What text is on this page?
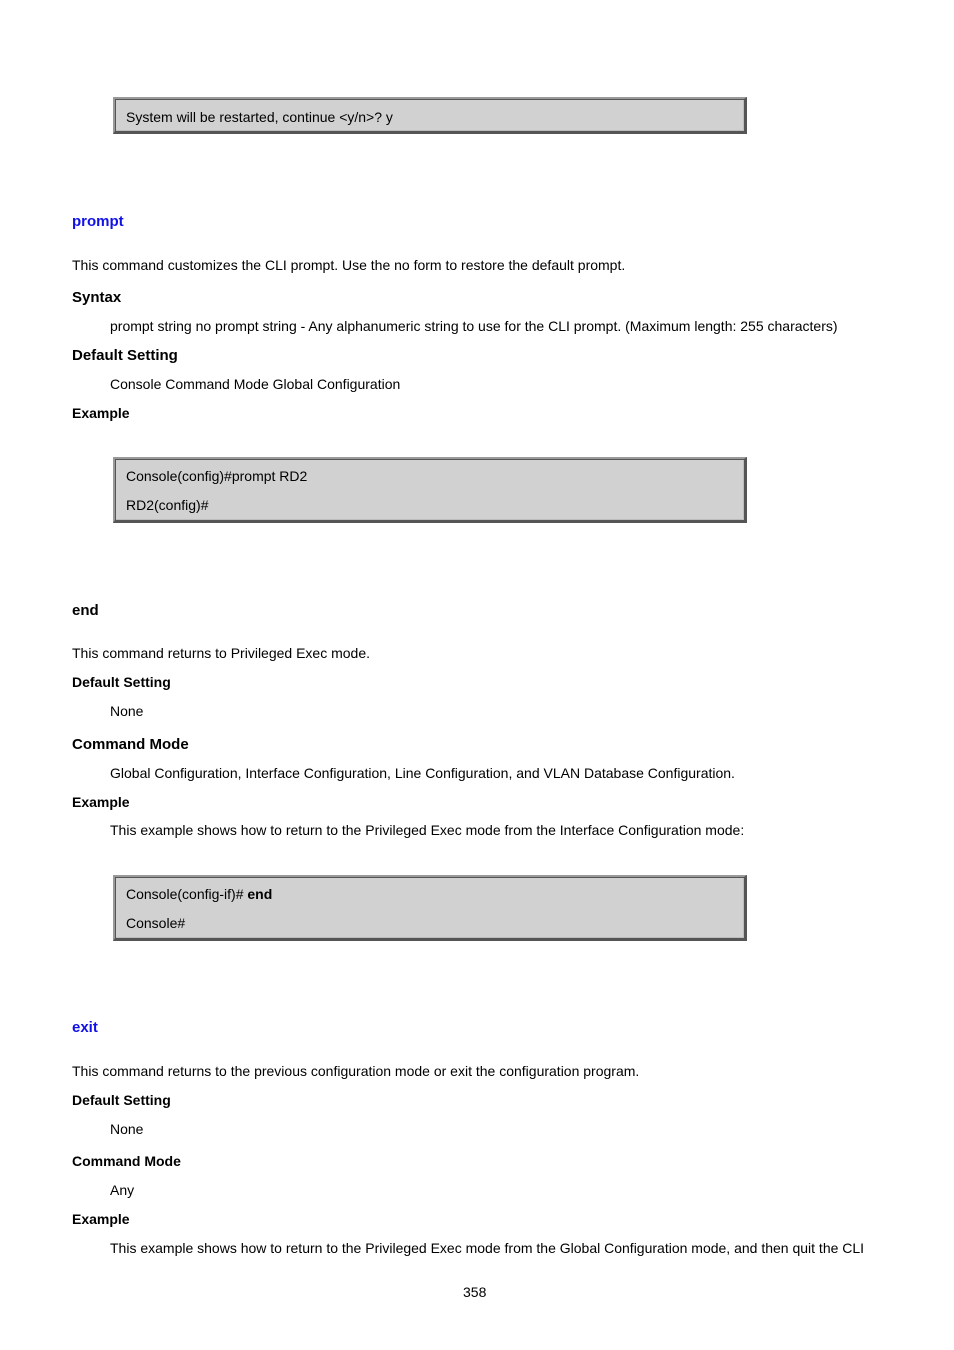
System will be restarted, continue <y/n>? y
prompt
This command customizes the CLI prompt. Use the no form to restore the default prompt.
Syntax
prompt string no prompt string - Any alphanumeric string to use for the CLI prompt. (Maximum length: 255 characters)
Default Setting
Console Command Mode Global Configuration
Example
Console(config)#prompt RD2
RD2(config)#
end
This command returns to Privileged Exec mode.
Default Setting
None
Command Mode
Global Configuration, Interface Configuration, Line Configuration, and VLAN Database Configuration.
Example
This example shows how to return to the Privileged Exec mode from the Interface Configuration mode:
Console(config-if)# end
Console#
exit
This command returns to the previous configuration mode or exit the configuration program.
Default Setting
None
Command Mode
Any
Example
This example shows how to return to the Privileged Exec mode from the Global Configuration mode, and then quit the CLI
358
